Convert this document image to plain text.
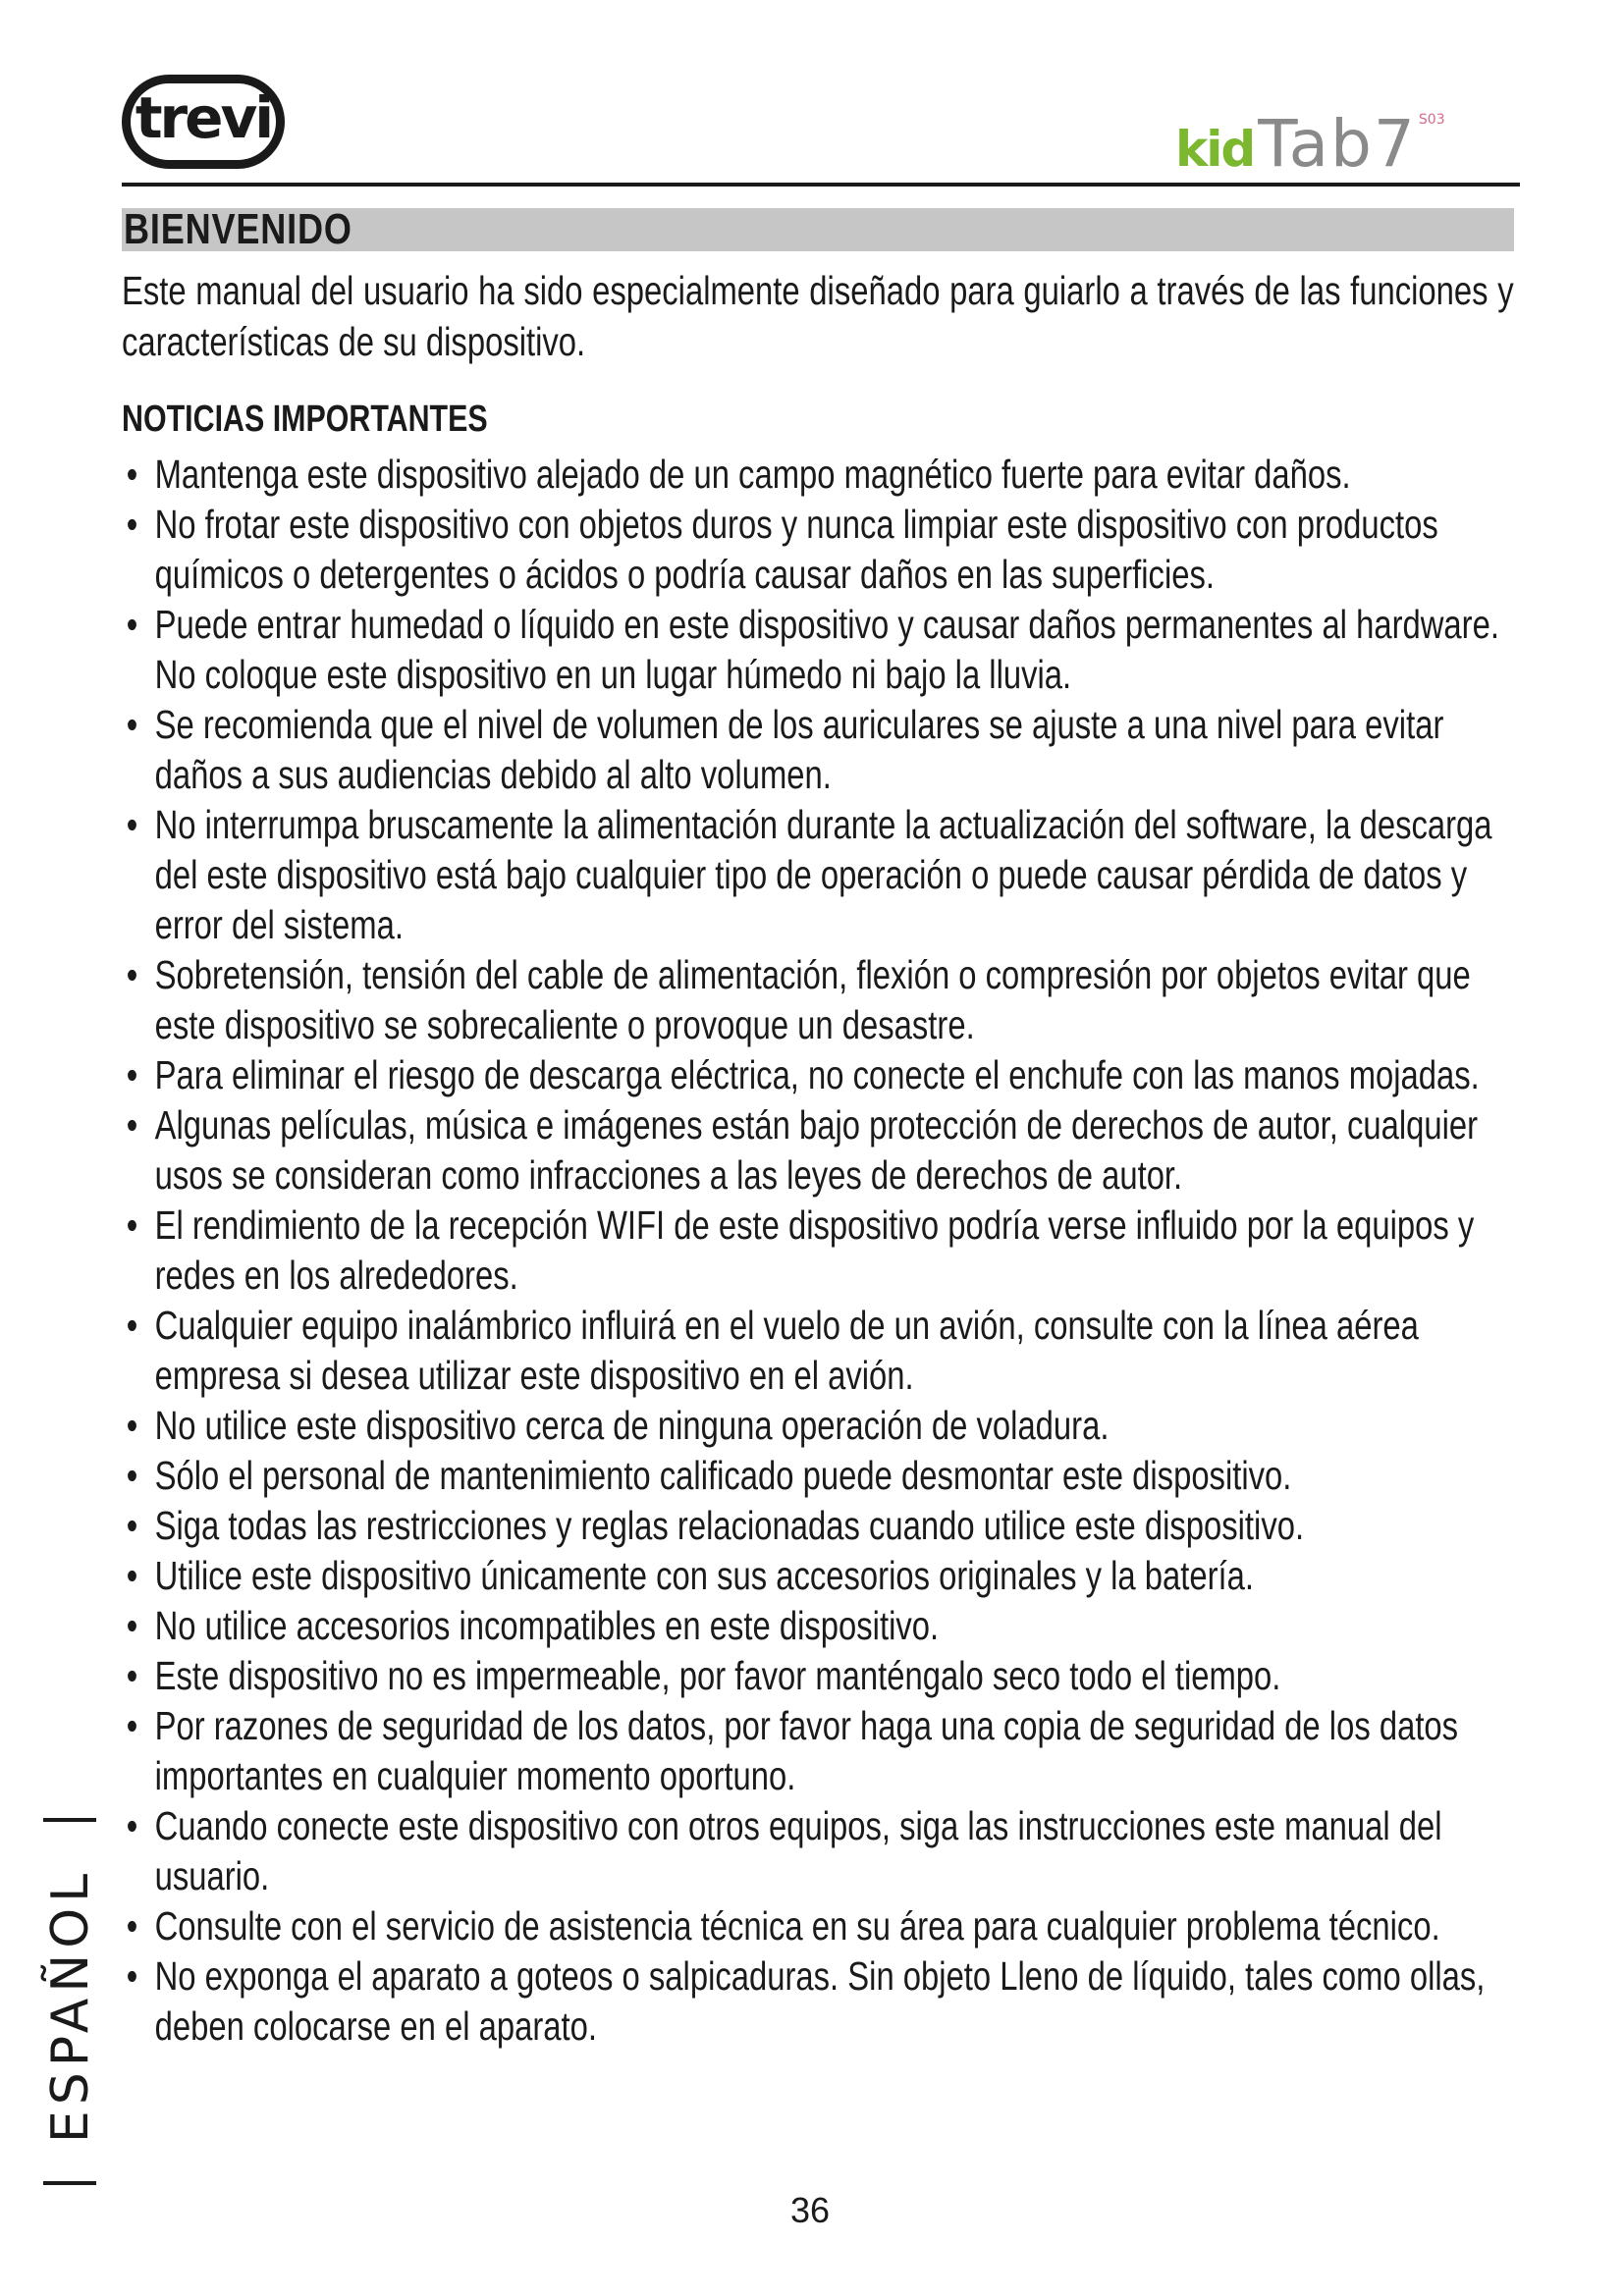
trevi	kid Tab7 S03
BIENVENIDO

Este manual del usuario ha sido especialmente diseñado para guiarlo a través de las funciones y características de su dispositivo.

NOTICIAS IMPORTANTES
• Mantenga este dispositivo alejado de un campo magnético fuerte para evitar daños.
• No frotar este dispositivo con objetos duros y nunca limpiar este dispositivo con productos químicos o detergentes o ácidos o podría causar daños en las superficies.
• Puede entrar humedad o líquido en este dispositivo y causar daños permanentes al hardware. No coloque este dispositivo en un lugar húmedo ni bajo la lluvia.
• Se recomienda que el nivel de volumen de los auriculares se ajuste a una nivel para evitar daños a sus audiencias debido al alto volumen.
• No interrumpa bruscamente la alimentación durante la actualización del software, la descarga del este dispositivo está bajo cualquier tipo de operación o puede causar pérdida de datos y error del sistema.
• Sobretensión, tensión del cable de alimentación, flexión o compresión por objetos evitar que este dispositivo se sobrecaliente o provoque un desastre.
• Para eliminar el riesgo de descarga eléctrica, no conecte el enchufe con las manos mojadas.
• Algunas películas, música e imágenes están bajo protección de derechos de autor, cualquier usos se consideran como infracciones a las leyes de derechos de autor.
• El rendimiento de la recepción WIFI de este dispositivo podría verse influido por la equipos y redes en los alrededores.
• Cualquier equipo inalámbrico influirá en el vuelo de un avión, consulte con la línea aérea empresa si desea utilizar este dispositivo en el avión.
• No utilice este dispositivo cerca de ninguna operación de voladura.
• Sólo el personal de mantenimiento calificado puede desmontar este dispositivo.
• Siga todas las restricciones y reglas relacionadas cuando utilice este dispositivo.
• Utilice este dispositivo únicamente con sus accesorios originales y la batería.
• No utilice accesorios incompatibles en este dispositivo.
• Este dispositivo no es impermeable, por favor manténgalo seco todo el tiempo.
• Por razones de seguridad de los datos, por favor haga una copia de seguridad de los datos importantes en cualquier momento oportuno.
• Cuando conecte este dispositivo con otros equipos, siga las instrucciones este manual del usuario.
• Consulte con el servicio de asistencia técnica en su área para cualquier problema técnico.
• No exponga el aparato a goteos o salpicaduras. Sin objeto Lleno de líquido, tales como ollas, deben colocarse en el aparato.
ESPAÑOL
36
